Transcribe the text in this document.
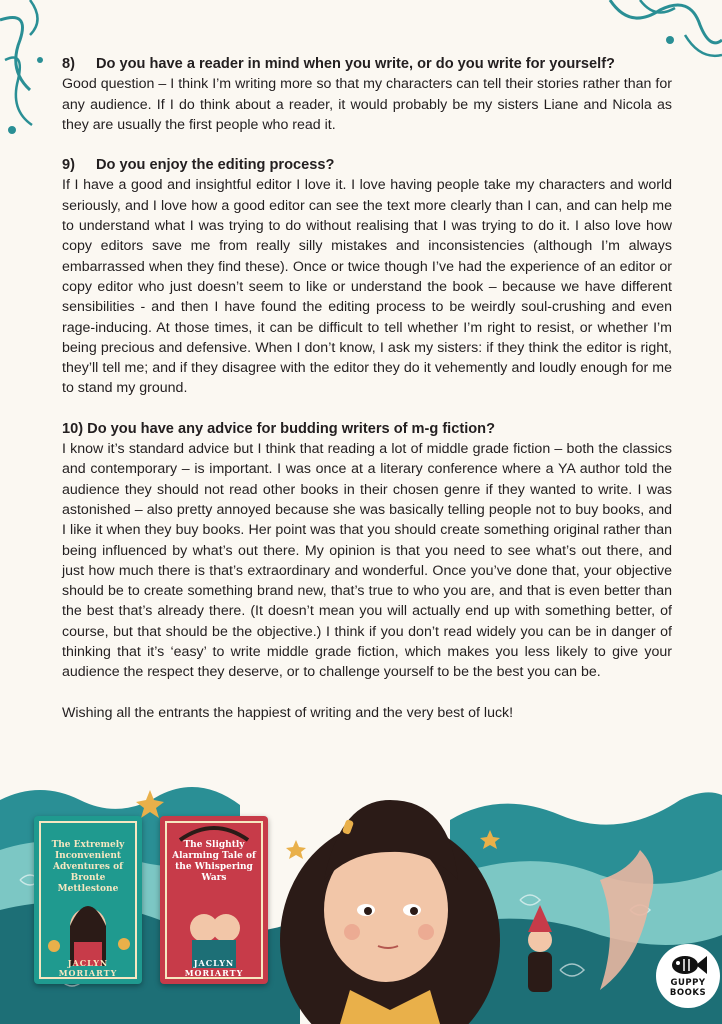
8) Do you have a reader in mind when you write, or do you write for yourself?

Good question – I think I’m writing more so that my characters can tell their stories rather than for any audience. If I do think about a reader, it would probably be my sisters Liane and Nicola as they are usually the first people who read it.

9) Do you enjoy the editing process?

If I have a good and insightful editor I love it. I love having people take my characters and world seriously, and I love how a good editor can see the text more clearly than I can, and can help me to understand what I was trying to do without realising that I was trying to do it. I also love how copy editors save me from really silly mistakes and inconsistencies (although I’m always embarrassed when they find these). Once or twice though I’ve had the experience of an editor or copy editor who just doesn’t seem to like or understand the book – because we have different sensibilities - and then I have found the editing process to be weirdly soul-crushing and even rage-inducing. At those times, it can be difficult to tell whether I’m right to resist, or whether I’m being precious and defensive. When I don’t know, I ask my sisters: if they think the editor is right, they’ll tell me; and if they disagree with the editor they do it vehemently and loudly enough for me to stand my ground.

10) Do you have any advice for budding writers of m-g fiction?

I know it’s standard advice but I think that reading a lot of middle grade fiction – both the classics and contemporary – is important. I was once at a literary conference where a YA author told the audience they should not read other books in their chosen genre if they wanted to write. I was astonished – also pretty annoyed because she was basically telling people not to buy books, and I like it when they buy books. Her point was that you should create something original rather than being influenced by what’s out there. My opinion is that you need to see what’s out there, and just how much there is that’s extraordinary and wonderful. Once you’ve done that, your objective should be to create something brand new, that’s true to who you are, and that is even better than the best that’s already there. (It doesn’t mean you will actually end up with something better, of course, but that should be the objective.) I think if you don’t read widely you can be in danger of thinking that it’s ‘easy’ to write middle grade fiction, which makes you less likely to give your audience the respect they deserve, or to challenge yourself to be the best you can be.

Wishing all the entrants the happiest of writing and the very best of luck!

The Extremely Inconvenient Adventures of Bronte Mettlestone
JACLYN MORIARTY
The Slightly Alarming Tale of the Whispering Wars
JACLYN MORIARTY
GUPPY
BOOKS
